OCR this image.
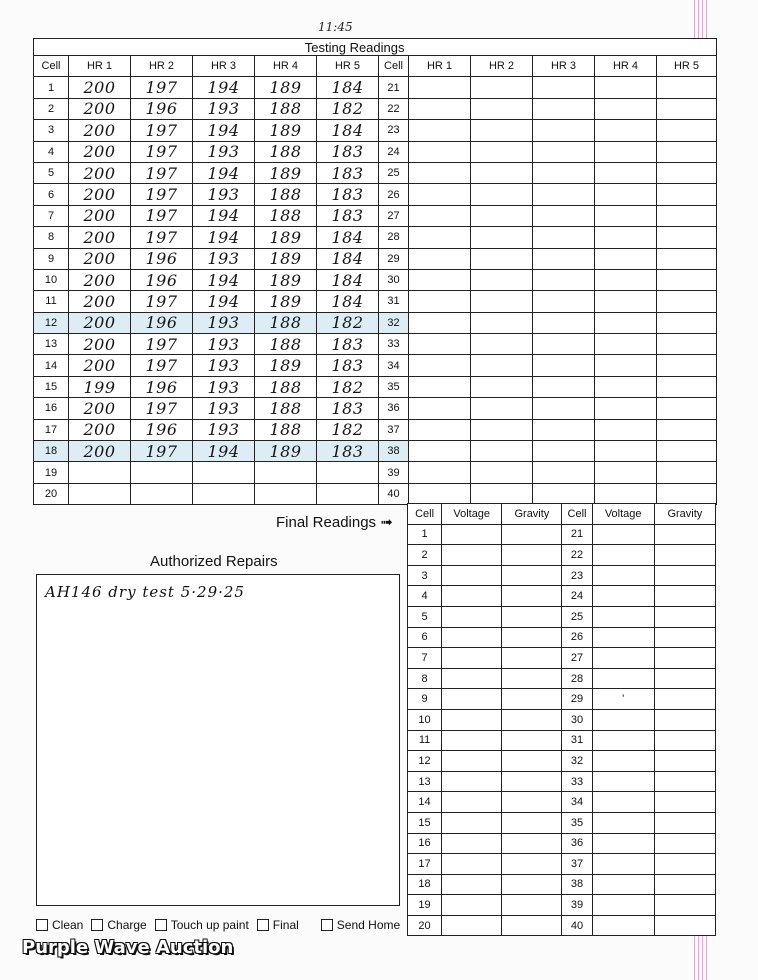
11:45
Testing Readings											
Cell	HR 1	HR 2	HR 3	HR 4	HR 5	Cell	HR 1	HR 2	HR 3	HR 4	HR 5
1	200	197	194	189	184	21					
2	200	196	193	188	182	22					
3	200	197	194	189	184	23					
4	200	197	193	188	183	24					
5	200	197	194	189	183	25					
6	200	197	193	188	183	26					
7	200	197	194	188	183	27					
8	200	197	194	189	184	28					
9	200	196	193	189	184	29					
10	200	196	194	189	184	30					
11	200	197	194	189	184	31					
12	200	196	193	188	182	32					
13	200	197	193	188	183	33					
14	200	197	193	189	183	34					
15	199	196	193	188	182	35					
16	200	197	193	188	183	36					
17	200	196	193	188	182	37					
18	200	197	194	189	183	38					
19						39					
20						40					
Final Readings ➟
Authorized Repairs
AH146 dry test 5·29·25
Clean Charge Touch up paint Final	Send Home
Cell	Voltage	Gravity	Cell	Voltage	Gravity
1			21		
2			22		
3			23		
4			24		
5			25		
6			26		
7			27		
8			28		
9			29	'	
10			30		
11			31		
12			32		
13			33		
14			34		
15			35		
16			36		
17			37		
18			38		
19			39		
20			40		
Purple Wave Auction
